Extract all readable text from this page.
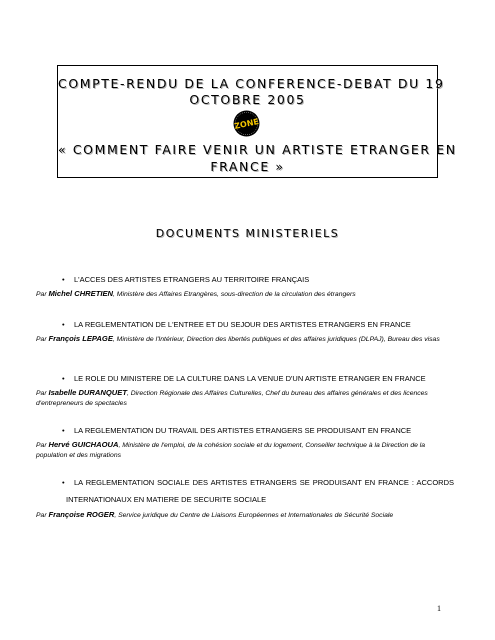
COMPTE-RENDU DE LA CONFERENCE-DEBAT DU 19
OCTOBRE 2005
ZONE
« COMMENT FAIRE VENIR UN ARTISTE ETRANGER EN
FRANCE »
DOCUMENTS MINISTERIELS
• L'ACCES DES ARTISTES ETRANGERS AU TERRITOIRE FRANÇAIS
Par Michel CHRETIEN, Ministère des Affaires Etrangères, sous-direction de la circulation des étrangers
• LA REGLEMENTATION DE L'ENTREE ET DU SEJOUR DES ARTISTES ETRANGERS EN FRANCE
Par François LEPAGE, Ministère de l'Intérieur, Direction des libertés publiques et des affaires juridiques (DLPAJ), Bureau des visas
• LE ROLE DU MINISTERE DE LA CULTURE DANS LA VENUE D'UN ARTISTE ETRANGER EN FRANCE
Par Isabelle DURANQUET, Direction Régionale des Affaires Culturelles, Chef du bureau des affaires générales et des licences d'entrepreneurs de spectacles
• LA REGLEMENTATION DU TRAVAIL DES ARTISTES ETRANGERS SE PRODUISANT EN FRANCE
Par Hervé GUICHAOUA, Ministère de l'emploi, de la cohésion sociale et du logement, Conseiller technique à la Direction de la population et des migrations
• LA REGLEMENTATION SOCIALE DES ARTISTES ETRANGERS SE PRODUISANT EN FRANCE : ACCORDS INTERNATIONAUX EN MATIERE DE SECURITE SOCIALE
Par Françoise ROGER, Service juridique du Centre de Liaisons Européennes et Internationales de Sécurité Sociale
1
